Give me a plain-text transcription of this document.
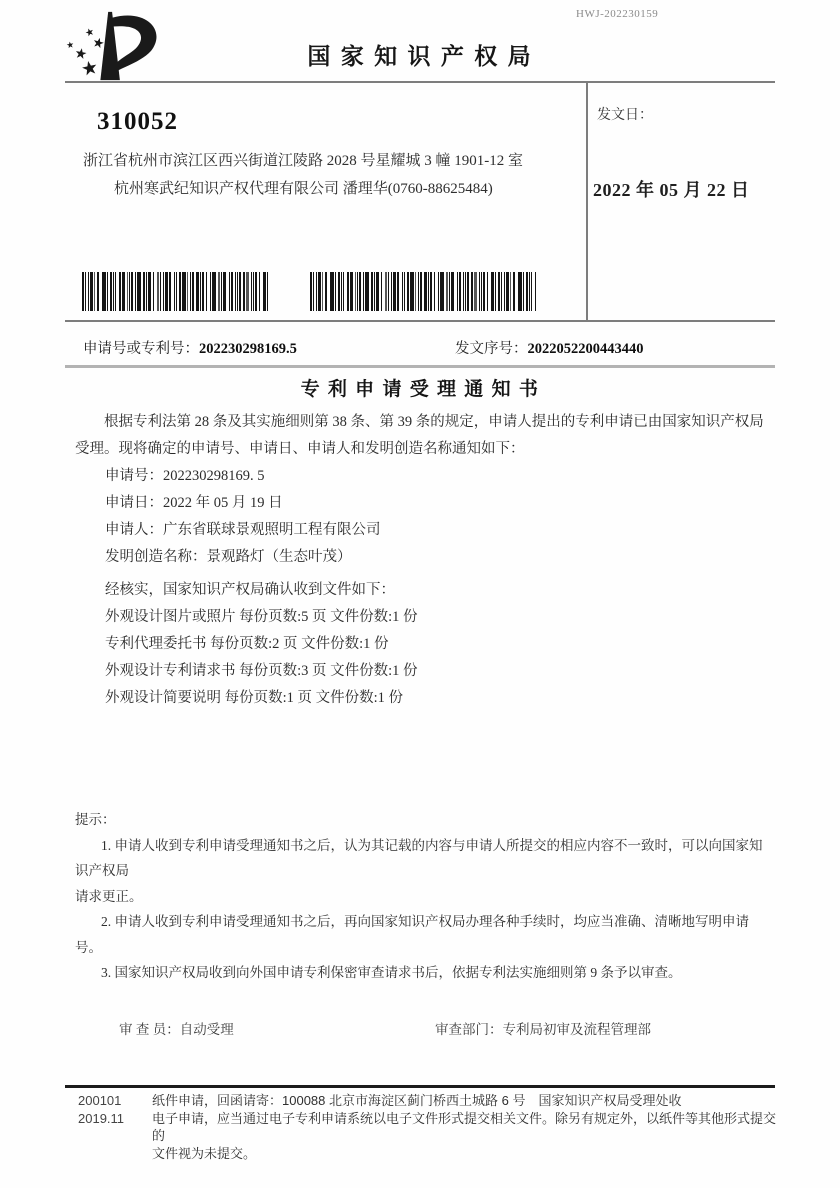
国 家 知 识 产 权 局
HWJ-202230159
310052
浙江省杭州市滨江区西兴街道江陵路 2028 号星耀城 3 幢 1901-12 室
杭州寒武纪知识产权代理有限公司 潘理华(0760-88625484)
发文日：
2022 年 05 月 22 日
申请号或专利号：202230298169.5	发文序号：2022052200443440
专 利 申 请 受 理 通 知 书
根据专利法第 28 条及其实施细则第 38 条、第 39 条的规定，申请人提出的专利申请已由国家知识产权局
受理。现将确定的申请号、申请日、申请人和发明创造名称通知如下：
申请号：202230298169. 5
申请日：2022 年 05 月 19 日
申请人：广东省联球景观照明工程有限公司
发明创造名称：景观路灯（生态叶茂）
经核实，国家知识产权局确认收到文件如下：
外观设计图片或照片 每份页数:5 页 文件份数:1 份
专利代理委托书 每份页数:2 页 文件份数:1 份
外观设计专利请求书 每份页数:3 页 文件份数:1 份
外观设计简要说明 每份页数:1 页 文件份数:1 份
提示：
1. 申请人收到专利申请受理通知书之后，认为其记载的内容与申请人所提交的相应内容不一致时，可以向国家知识产权局
请求更正。
2. 申请人收到专利申请受理通知书之后，再向国家知识产权局办理各种手续时，均应当准确、清晰地写明申请号。
3. 国家知识产权局收到向外国申请专利保密审查请求书后，依据专利法实施细则第 9 条予以审查。
审 查 员：自动受理	审查部门：专利局初审及流程管理部
200101
2019.11
纸件申请，回函请寄：100088 北京市海淀区蓟门桥西土城路 6 号　国家知识产权局受理处收
电子申请，应当通过电子专利申请系统以电子文件形式提交相关文件。除另有规定外，以纸件等其他形式提交的
文件视为未提交。
